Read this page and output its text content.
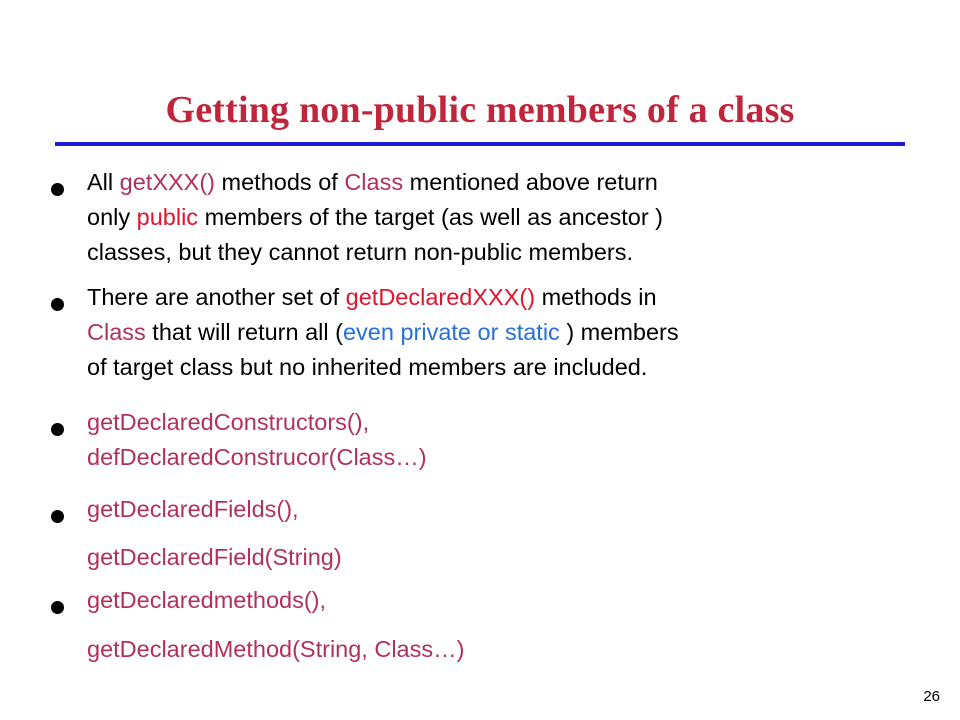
Getting non-public members of a class
All getXXX() methods of Class mentioned above return
only public members of the target (as well as ancestor )
classes, but they cannot return non-public members.
There are another set of getDeclaredXXX() methods in
Class that will return all (even private or static ) members
of target class but no inherited members are included.
getDeclaredConstructors(),
defDeclaredConstrucor(Class…)
getDeclaredFields(),
getDeclaredField(String)
getDeclaredmethods(),
getDeclaredMethod(String, Class…)
26
